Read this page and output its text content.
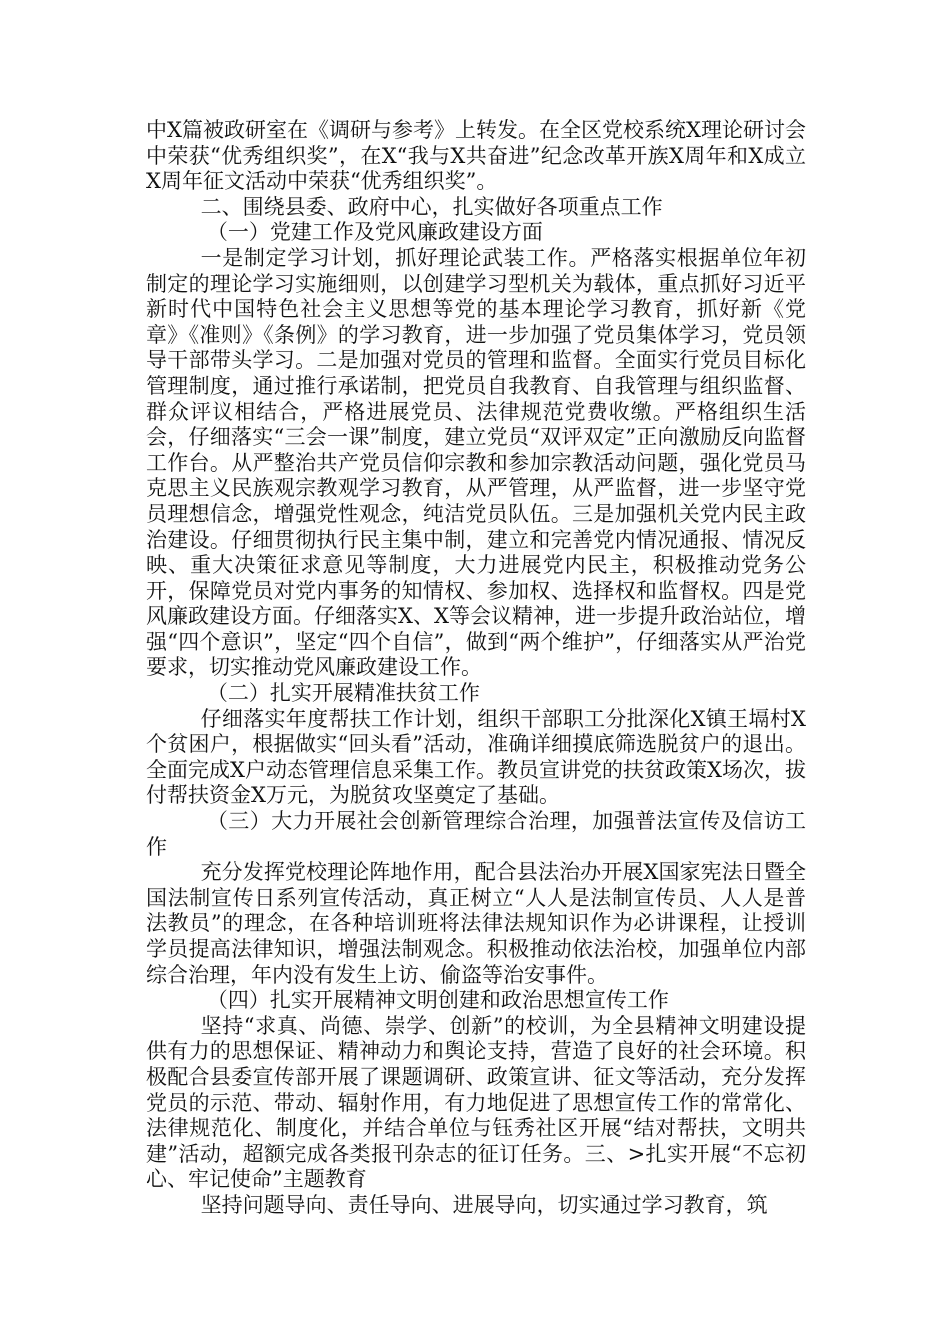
中X篇被政研室在《调研与参考》上转发。在全区党校系统X理论研讨会中荣获“优秀组织奖”，在X“我与X共奋进”纪念改革开族X周年和X成立X周年征文活动中荣获“优秀组织奖”。

二、围绕县委、政府中心，扎实做好各项重点工作

（一）党建工作及党风廉政建设方面

一是制定学习计划，抓好理论武装工作。严格落实根据单位年初制定的理论学习实施细则，以创建学习型机关为载体，重点抓好习近平新时代中国特色社会主义思想等党的基本理论学习教育，抓好新《党章》《准则》《条例》的学习教育，进一步加强了党员集体学习，党员领导干部带头学习。二是加强对党员的管理和监督。全面实行党员目标化管理制度，通过推行承诺制，把党员自我教育、自我管理与组织监督、群众评议相结合，严格进展党员、法律规范党费收缴。严格组织生活会，仔细落实“三会一课”制度，建立党员“双评双定”正向激励反向监督工作台。从严整治共产党员信仰宗教和参加宗教活动问题，强化党员马克思主义民族观宗教观学习教育，从严管理，从严监督，进一步坚守党员理想信念，增强党性观念，纯洁党员队伍。三是加强机关党内民主政治建设。仔细贯彻执行民主集中制，建立和完善党内情况通报、情况反映、重大决策征求意见等制度，大力进展党内民主，积极推动党务公开，保障党员对党内事务的知情权、参加权、选择权和监督权。四是党风廉政建设方面。仔细落实X、X等会议精神，进一步提升政治站位，增强“四个意识”，坚定“四个自信”，做到“两个维护”，仔细落实从严治党要求，切实推动党风廉政建设工作。

（二）扎实开展精准扶贫工作

仔细落实年度帮扶工作计划，组织干部职工分批深化X镇王塥村X个贫困户，根据做实“回头看”活动，准确详细摸底筛选脱贫户的退出。全面完成X户动态管理信息采集工作。教员宣讲党的扶贫政策X场次，拔付帮扶资金X万元，为脱贫攻坚奠定了基础。

（三）大力开展社会创新管理综合治理，加强普法宣传及信访工作

充分发挥党校理论阵地作用，配合县法治办开展X国家宪法日暨全国法制宣传日系列宣传活动，真正树立“人人是法制宣传员、人人是普法教员”的理念，在各种培训班将法律法规知识作为必讲课程，让授训学员提高法律知识，增强法制观念。积极推动依法治校，加强单位内部综合治理，年内没有发生上访、偷盗等治安事件。

（四）扎实开展精神文明创建和政治思想宣传工作

坚持“求真、尚德、崇学、创新”的校训，为全县精神文明建设提供有力的思想保证、精神动力和舆论支持，营造了良好的社会环境。积极配合县委宣传部开展了课题调研、政策宣讲、征文等活动，充分发挥党员的示范、带动、辐射作用，有力地促进了思想宣传工作的常常化、法律规范化、制度化，并结合单位与钰秀社区开展“结对帮扶，文明共建”活动，超额完成各类报刊杂志的征订任务。三、>扎实开展“不忘初心、牢记使命”主题教育

坚持问题导向、责任导向、进展导向，切实通过学习教育，筑
